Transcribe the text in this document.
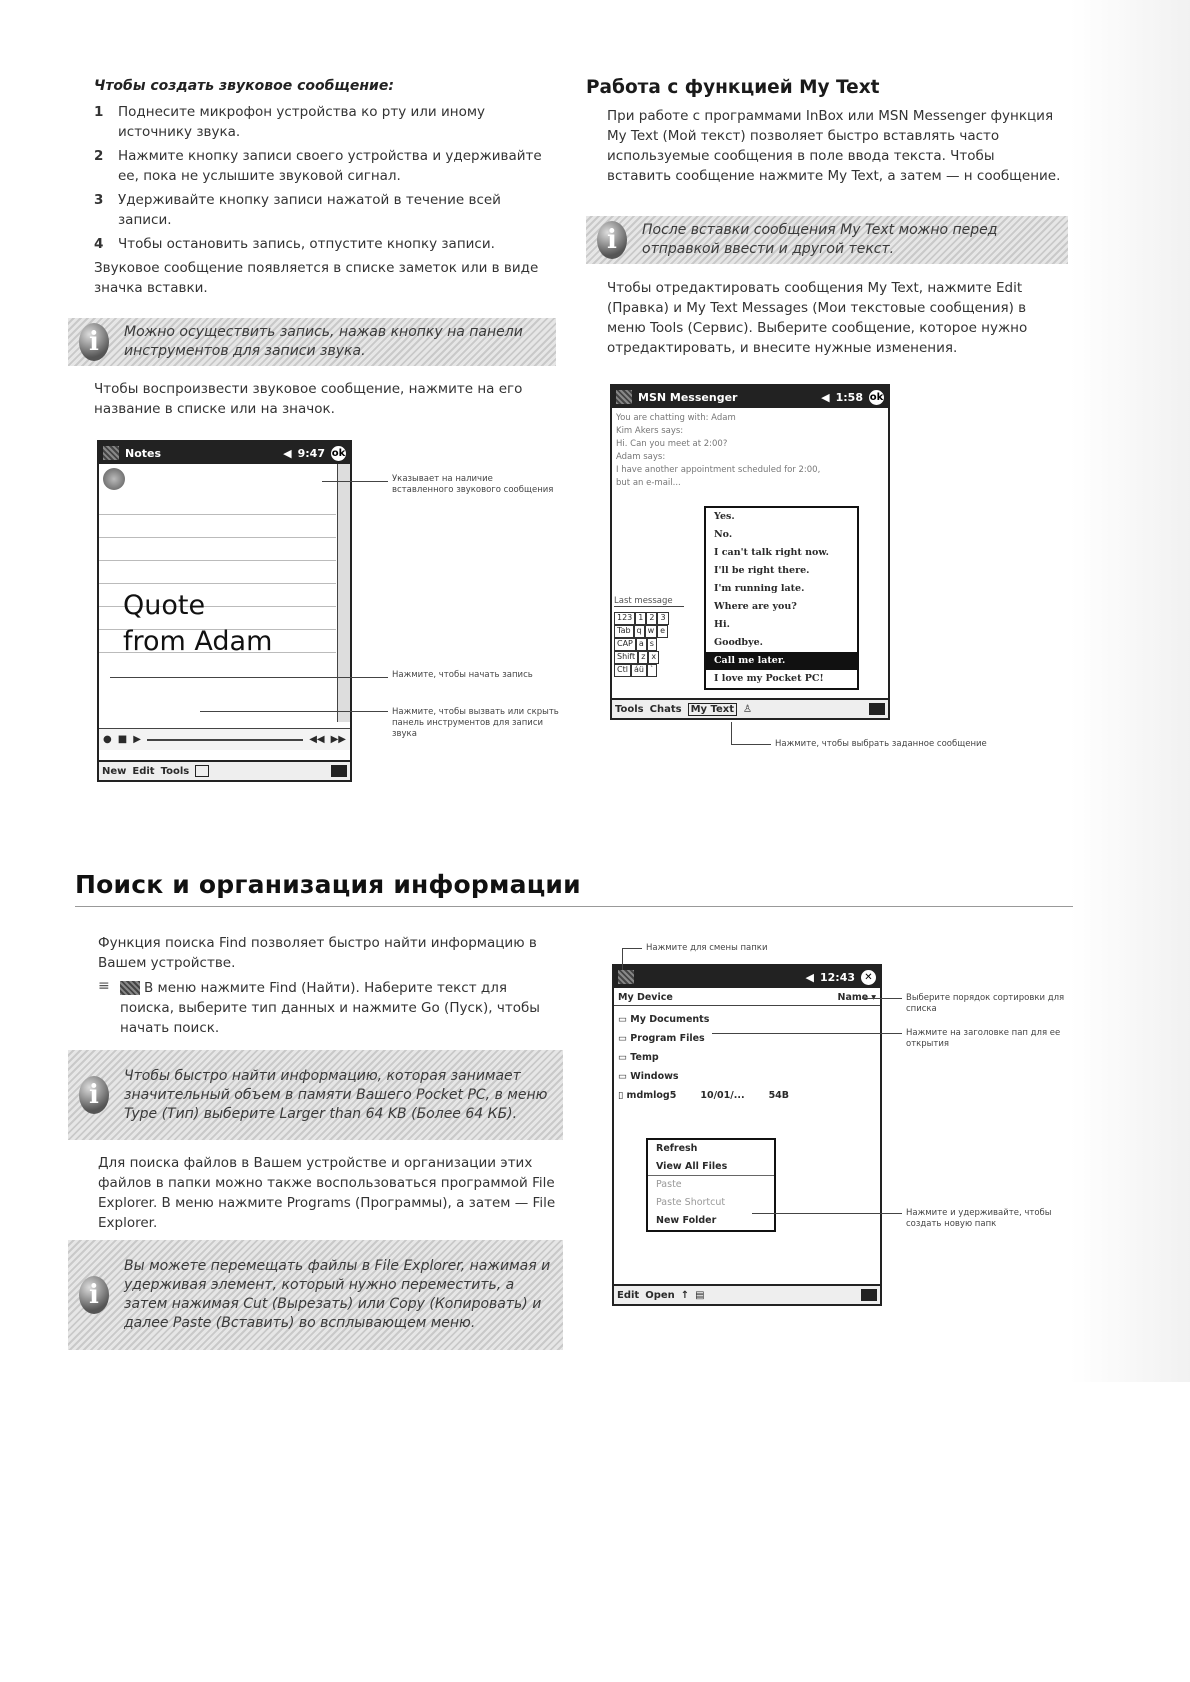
Чтобы создать звуковое сообщение:
1	Поднесите микрофон устройства ко рту или иному источнику звука.
2	Нажмите кнопку записи своего устройства и удерживайте ее, пока не услышите звуковой сигнал.
3	Удерживайте кнопку записи нажатой в течение всей записи.
4	Чтобы остановить запись, отпустите кнопку записи.
Звуковое сообщение появляется в списке заметок или в виде значка вставки.
i	Можно осуществить запись, нажав кнопку на панели инструментов для записи звука.
Чтобы воспроизвести звуковое сообщение, нажмите на его название в списке или на значок.
Notes	◀ 9:47 ok
Quote
from Adam
● ■ ▶	◀◀ ▶▶
New Edit Tools
Указывает на наличие вставленного звукового сообщения
Нажмите, чтобы начать запись
Нажмите, чтобы вызвать или скрыть панель инструментов для записи звука
Работа с функцией My Text
При работе с программами InBox или MSN Messenger функция My Text (Мой текст) позволяет быстро вставлять часто используемые сообщения в поле ввода текста. Чтобы вставить сообщение нажмите My Text, а затем — н сообщение.
i	После вставки сообщения My Text можно перед отправкой ввести и другой текст.
Чтобы отредактировать сообщения My Text, нажмите Edit (Правка) и My Text Messages (Мои текстовые сообщения) в меню Tools (Сервис). Выберите сообщение, которое нужно отредактировать, и внесите нужные изменения.
MSN Messenger	◀ 1:58 ok
You are chatting with: Adam
Kim Akers says:
Hi. Can you meet at 2:00?
Adam says:
I have another appointment scheduled for 2:00,
but an e-mail...
Last message
123 1 2 3
Tab q w e
CAP a s
Shift z x
Ctl áü `
Yes.
No.
I can't talk right now.
I'll be right there.
I'm running late.
Where are you?
Hi.
Goodbye.
Call me later.
I love my Pocket PC!
Tools Chats My Text ♙
Нажмите, чтобы выбрать заданное сообщение
Поиск и организация информации
Функция поиска Find позволяет быстро найти информацию в Вашем устройстве.
≡	В меню нажмите Find (Найти). Наберите текст для поиска, выберите тип данных и нажмите Go (Пуск), чтобы начать поиск.
i
Чтобы быстро найти информацию, которая занимает значительный объем в памяти Вашего Pocket PC, в меню Type (Тип) выберите Larger than 64 KB (Более 64 КБ).
Для поиска файлов в Вашем устройстве и организации этих файлов в папки можно также воспользоваться программой File Explorer. В меню нажмите Programs (Программы), а затем — File Explorer.
i
Вы можете перемещать файлы в File Explorer, нажимая и удерживая элемент, который нужно переместить, а затем нажимая Cut (Вырезать) или Copy (Копировать) и далее Paste (Вставить) во всплывающем меню.
◀ 12:43 ✕
My Device	Name ▾
▭ My Documents
▭ Program Files
▭ Temp
▭ Windows
▯ mdmlog5	10/01/...	54B
Refresh
View All Files
Paste
Paste Shortcut
New Folder
Edit Open ↑ ▤
Нажмите для смены папки
Выберите порядок сортировки для списка
Нажмите на заголовке пап для ее открытия
Нажмите и удерживайте, чтобы создать новую папк
